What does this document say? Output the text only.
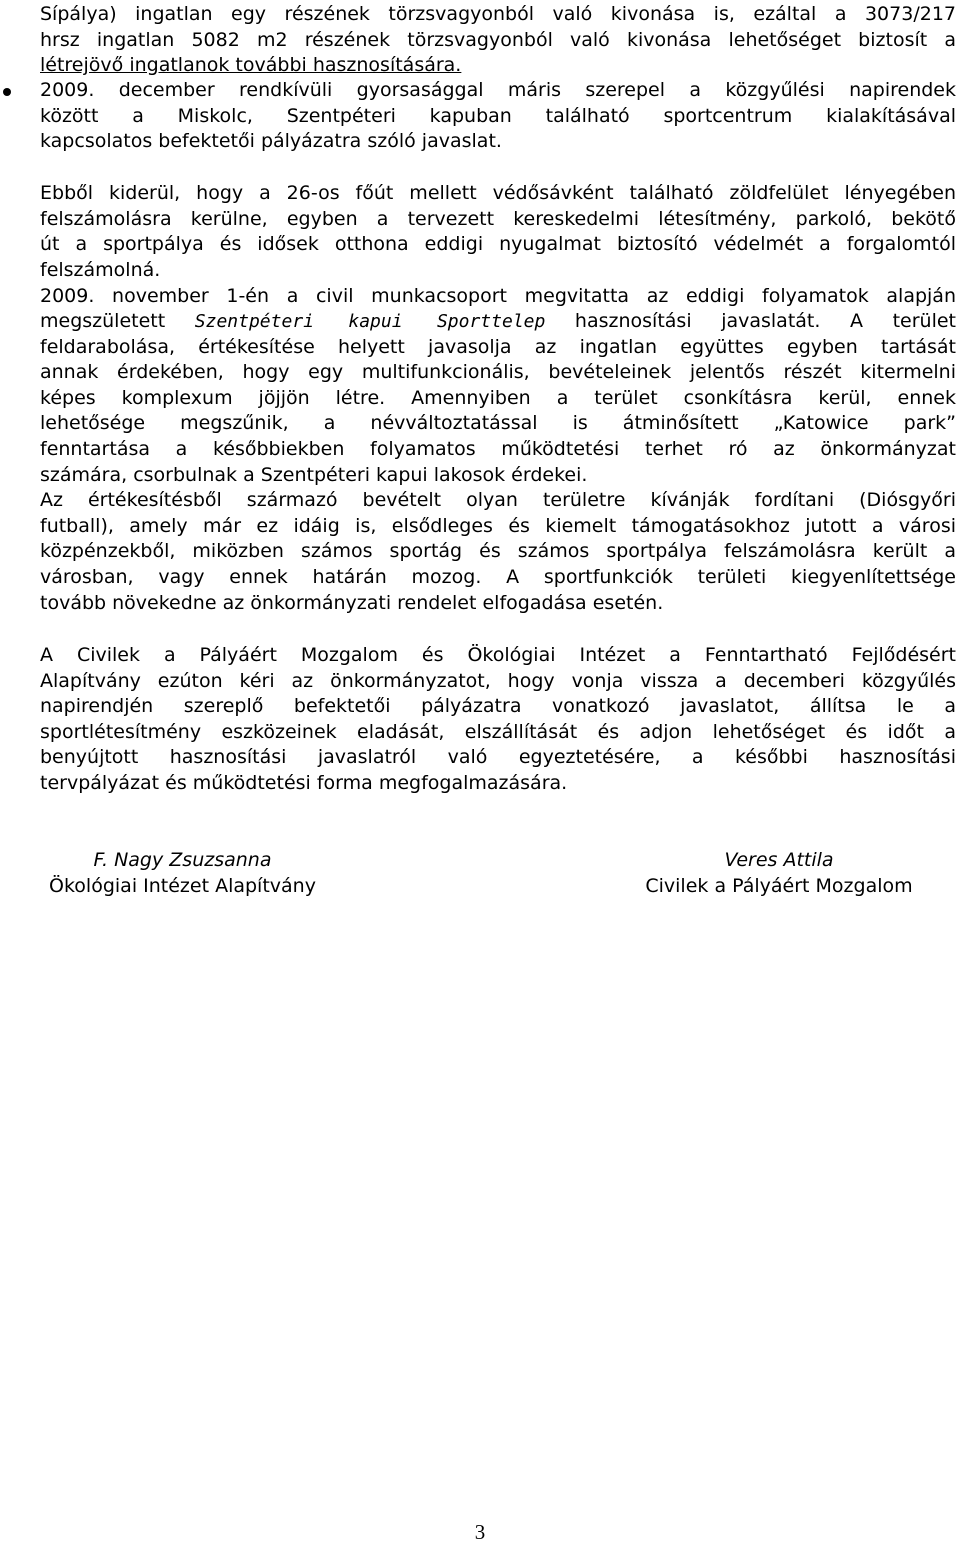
Sípálya) ingatlan egy részének törzsvagyonból való kivonása is, ezáltal a 3073/217
hrsz ingatlan 5082 m2 részének törzsvagyonból való kivonása lehetőséget biztosít a
létrejövő ingatlanok további hasznosítására.
2009. december rendkívüli gyorsasággal máris szerepel a közgyűlési napirendek
között a Miskolc, Szentpéteri kapuban található sportcentrum kialakításával
kapcsolatos befektetői pályázatra szóló javaslat.
Ebből kiderül, hogy a 26-os főút mellett védősávként található zöldfelület lényegében
felszámolásra kerülne, egyben a tervezett kereskedelmi létesítmény, parkoló, bekötő
út a sportpálya és idősek otthona eddigi nyugalmat biztosító védelmét a forgalomtól
felszámolná.
2009. november 1-én a civil munkacsoport megvitatta az eddigi folyamatok alapján
megszületett Szentpéteri kapui Sporttelep hasznosítási javaslatát. A terület
feldarabolása, értékesítése helyett javasolja az ingatlan együttes egyben tartását
annak érdekében, hogy egy multifunkcionális, bevételeinek jelentős részét kitermelni
képes komplexum jöjjön létre. Amennyiben a terület csonkításra kerül, ennek
lehetősége megszűnik, a névváltoztatással is átminősített „Katowice park”
fenntartása a későbbiekben folyamatos működtetési terhet ró az önkormányzat
számára, csorbulnak a Szentpéteri kapui lakosok érdekei.
Az értékesítésből származó bevételt olyan területre kívánják fordítani (Diósgyőri
futball), amely már ez idáig is, elsődleges és kiemelt támogatásokhoz jutott a városi
közpénzekből, miközben számos sportág és számos sportpálya felszámolásra került a
városban, vagy ennek határán mozog. A sportfunkciók területi kiegyenlítettsége
tovább növekedne az önkormányzati rendelet elfogadása esetén.
A Civilek a Pályáért Mozgalom és Ökológiai Intézet a Fenntartható Fejlődésért
Alapítvány ezúton kéri az önkormányzatot, hogy vonja vissza a decemberi közgyűlés
napirendjén szereplő befektetői pályázatra vonatkozó javaslatot, állítsa le a
sportlétesítmény eszközeinek eladását, elszállítását és adjon lehetőséget és időt a
benyújtott hasznosítási javaslatról való egyeztetésére, a későbbi hasznosítási
tervpályázat és működtetési forma megfogalmazására.
F. Nagy Zsuzsanna
Ökológiai Intézet Alapítvány
Veres Attila
Civilek a Pályáért Mozgalom
3
